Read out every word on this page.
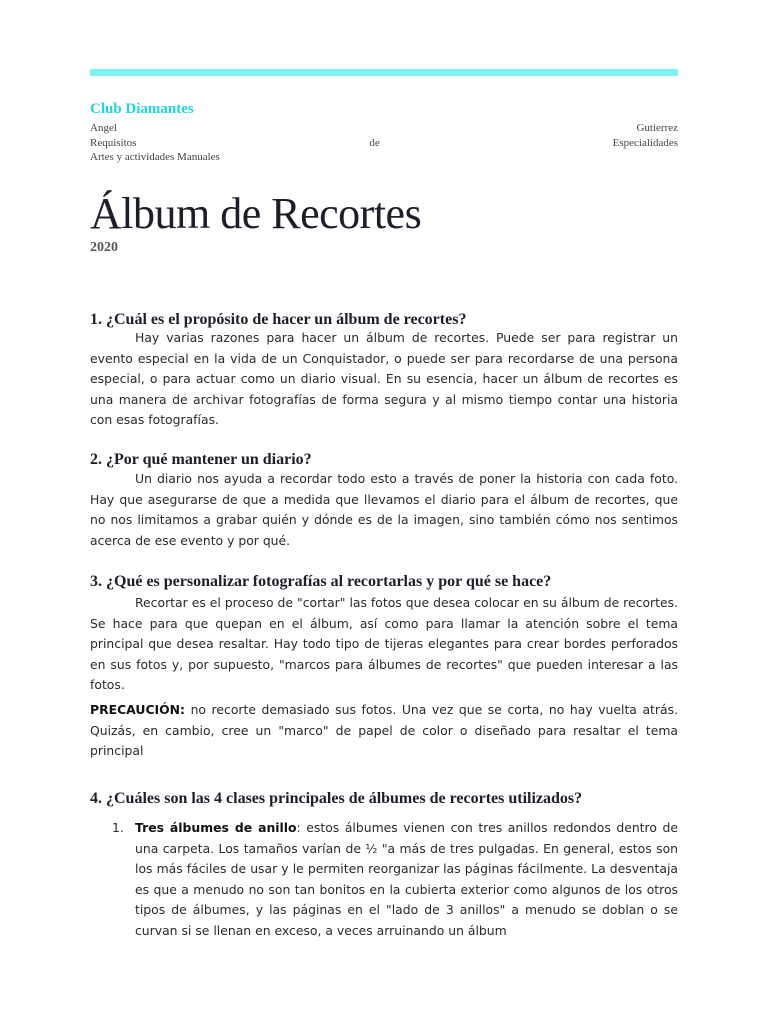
Club Diamantes
Angel	Gutierrez
Requisitos	de	Especialidades
Artes y actividades Manuales
Álbum de Recortes
2020
1. ¿Cuál es el propósito de hacer un álbum de recortes?

Hay varias razones para hacer un álbum de recortes. Puede ser para registrar un evento especial en la vida de un Conquistador, o puede ser para recordarse de una persona especial, o para actuar como un diario visual. En su esencia, hacer un álbum de recortes es una manera de archivar fotografías de forma segura y al mismo tiempo contar una historia con esas fotografías.

2. ¿Por qué mantener un diario?

Un diario nos ayuda a recordar todo esto a través de poner la historia con cada foto. Hay que asegurarse de que a medida que llevamos el diario para el álbum de recortes, que no nos limitamos a grabar quién y dónde es de la imagen, sino también cómo nos sentimos acerca de ese evento y por qué.

3. ¿Qué es personalizar fotografías al recortarlas y por qué se hace?

Recortar es el proceso de "cortar" las fotos que desea colocar en su álbum de recortes. Se hace para que quepan en el álbum, así como para llamar la atención sobre el tema principal que desea resaltar. Hay todo tipo de tijeras elegantes para crear bordes perforados en sus fotos y, por supuesto, "marcos para álbumes de recortes" que pueden interesar a las fotos.

PRECAUCIÓN: no recorte demasiado sus fotos. Una vez que se corta, no hay vuelta atrás. Quizás, en cambio, cree un "marco" de papel de color o diseñado para resaltar el tema principal

4. ¿Cuáles son las 4 clases principales de álbumes de recortes utilizados?
1. Tres álbumes de anillo: estos álbumes vienen con tres anillos redondos dentro de una carpeta. Los tamaños varían de ½ "a más de tres pulgadas. En general, estos son los más fáciles de usar y le permiten reorganizar las páginas fácilmente. La desventaja es que a menudo no son tan bonitos en la cubierta exterior como algunos de los otros tipos de álbumes, y las páginas en el "lado de 3 anillos" a menudo se doblan o se curvan si se llenan en exceso, a veces arruinando un álbum
